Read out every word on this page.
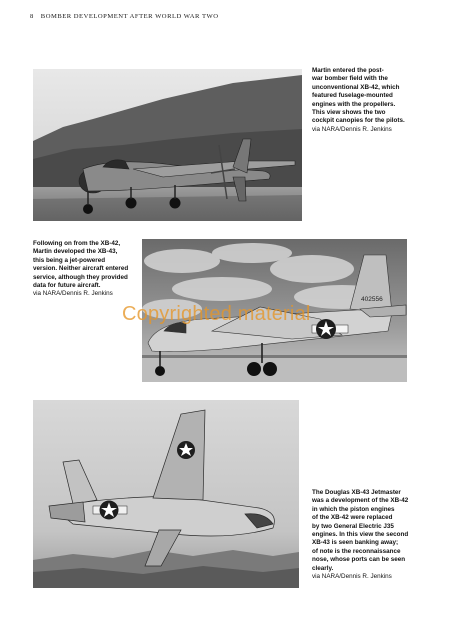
8 BOMBER DEVELOPMENT AFTER WORLD WAR TWO
Martin entered the post-
war bomber field with the
unconventional XB-42, which
featured fuselage-mounted
engines with the propellers.
This view shows the two
cockpit canopies for the pilots.
via NARA/Dennis R. Jenkins
Following on from the XB-42,
Martin developed the XB-43,
this being a jet-powered
version. Neither aircraft entered
service, although they provided
data for future aircraft.
via NARA/Dennis R. Jenkins
402556
Copyrighted material
The Douglas XB-43 Jetmaster
was a development of the XB-42
in which the piston engines
of the XB-42 were replaced
by two General Electric J35
engines. In this view the second
XB-43 is seen banking away;
of note is the reconnaissance
nose, whose ports can be seen
clearly.
via NARA/Dennis R. Jenkins
